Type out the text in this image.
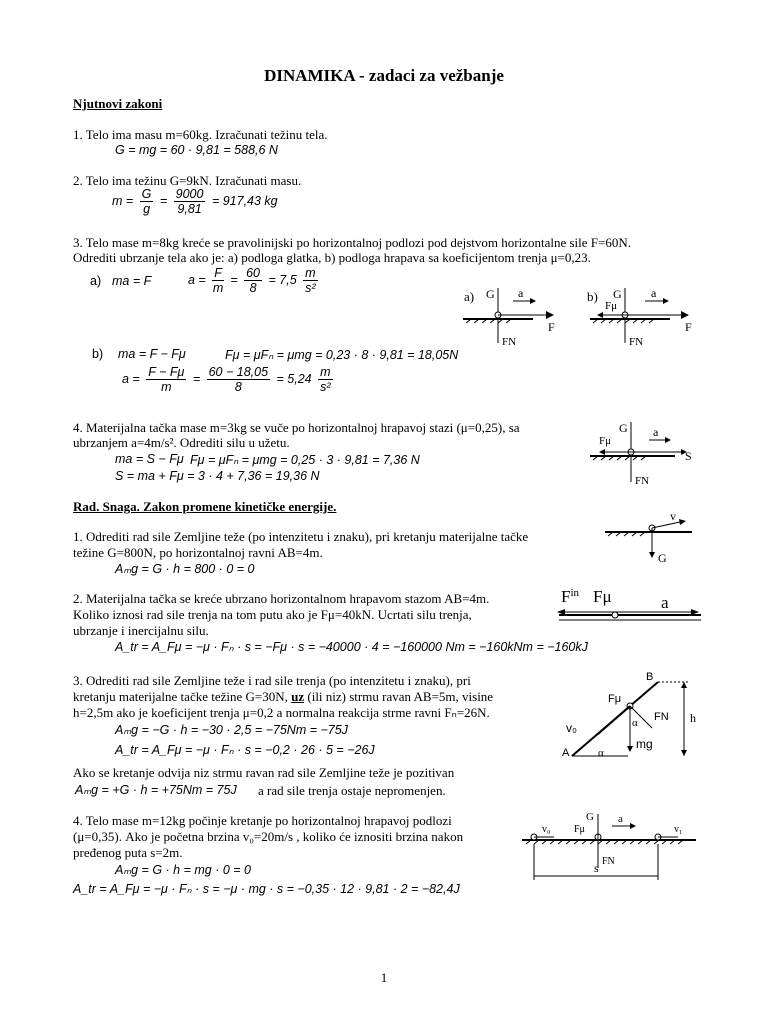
DINAMIKA - zadaci za vežbanje
Njutnovi zakoni
1. Telo ima masu m=60kg. Izračunati težinu tela.
G = mg = 60 · 9,81 = 588,6 N
2. Telo ima težinu G=9kN. Izračunati masu.
$m = \frac{G}{g} = \frac{9000}{9,81} = 917,43$ kg
3. Telo mase m=8kg kreće se pravolinijski po horizontalnoj podlozi pod dejstvom horizontalne sile F=60N.
Odrediti ubrzanje tela ako je: a) podloga glatka, b) podloga hrapava sa koeficijentom trenja μ=0,23.
a) ma = F	$a = \frac{F}{m} = \frac{60}{8} = 7,5 \frac{m}{\text{s²}}$
a)
F
G a
FN
b)
F
Fμ
G a
FN
b) ma = F − Fμ	Fμ = μFₙ = μmg = 0,23 · 8 · 9,81 = 18,05N
$a = \frac{F - F\mu}{m} = \frac{60 - 18,05}{8} = 5,24 \frac{m}{\text{s²}}$
4. Materijalna tačka mase m=3kg se vuče po horizontalnoj hrapavoj stazi (μ=0,25), sa
ubrzanjem a=4m/s². Odrediti silu u užetu.
ma = S − Fμ Fμ = μFₙ = μmg = 0,25 · 3 · 9,81 = 7,36 N
S = ma + Fμ = 3 · 4 + 7,36 = 19,36 N
S
Fμ
G a
FN
Rad. Snaga. Zakon promene kinetičke energije.
1. Odrediti rad sile Zemljine teže (po intenzitetu i znaku), pri kretanju materijalne tačke
težine G=800N, po horizontalnoj ravni AB=4m.
Aₘg = G · h = 800 · 0 = 0
v
G
2. Materijalna tačka se kreće ubrzano horizontalnom hrapavom stazom AB=4m.
Koliko iznosi rad sile trenja na tom putu ako je Fμ=40kN. Ucrtati silu trenja,
ubrzanje i inercijalnu silu.
A_tr = A_Fμ = −μ · Fₙ · s = −Fμ · s = −40000 · 4 = −160000 Nm = −160kNm = −160kJ
$F^{in}$ Fμ	a
3. Odrediti rad sile Zemljine teže i rad sile trenja (po intenzitetu i znaku), pri
kretanju materijalne tačke težine G=30N, uz (ili niz) strmu ravan AB=5m, visine
h=2,5m ako je koeficijent trenja μ=0,2 a normalna reakcija strme ravni Fₙ=26N.
Aₘg = −G · h = −30 · 2,5 = −75Nm = −75J
A_tr = A_Fμ = −μ · Fₙ · s = −0,2 · 26 · 5 = −26J
Ako se kretanje odvija niz strmu ravan rad sile Zemljine teže je pozitivan
Aₘg = +G · h = +75Nm = 75J a rad sile trenja ostaje nepromenjen.
B
A
h
mg
FN
Fμ
v₀	α
α
4. Telo mase m=12kg počinje kretanje po horizontalnoj hrapavoj podlozi
(μ=0,35). Ako je početna brzina v₀=20m/s , koliko će iznositi brzina nakon
pređenog puta s=2m.
Aₘg = G · h = mg · 0 = 0
A_tr = A_Fμ = −μ · Fₙ · s = −μ · mg · s = −0,35 · 12 · 9,81 · 2 = −82,4J
v₀
G
Fμ
a
FN
v₁
s
1
